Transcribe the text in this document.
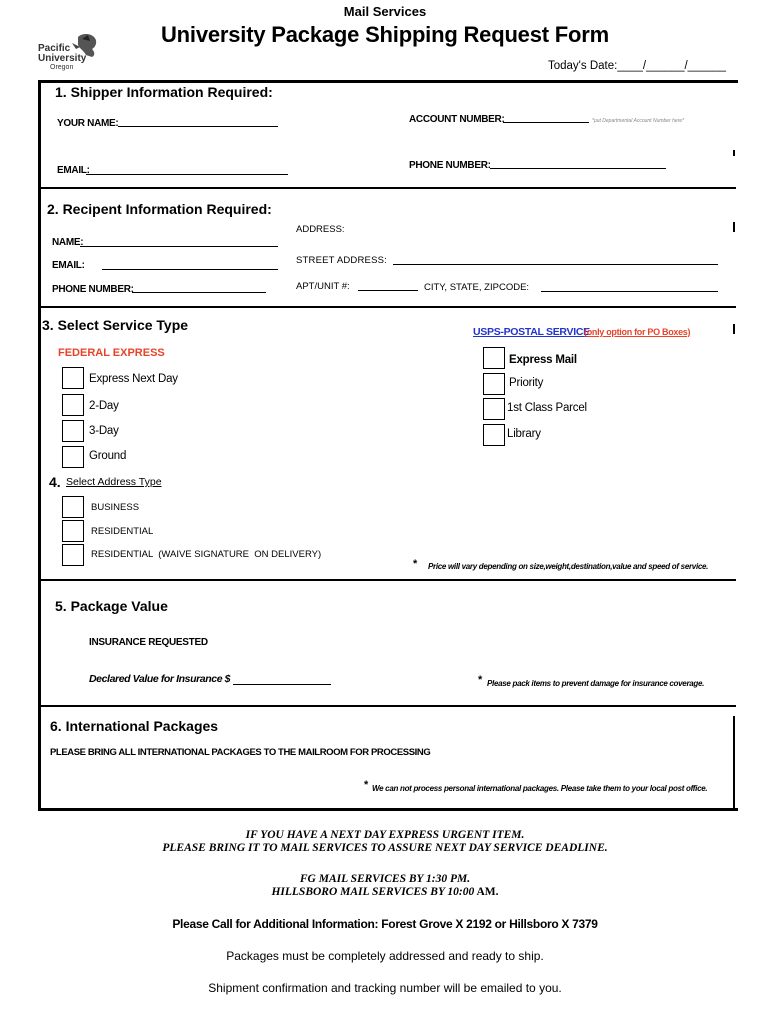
Mail Services
University Package Shipping Request Form
Pacific
University
Oregon	Today's Date:____/______/______
1. Shipper Information Required:
YOUR NAME:	ACCOUNT NUMBER:	*put Departmental Account Number here*
EMAIL:	PHONE NUMBER:
2. Recipent Information Required:
NAME:
EMAIL:
PHONE NUMBER:
ADDRESS:
STREET ADDRESS:
APT/UNIT #:	CITY, STATE, ZIPCODE:
3. Select Service Type
FEDERAL EXPRESS
Express Next Day
2-Day
3-Day
Ground
USPS-POSTAL SERVICE
(only option for PO Boxes)
Express Mail
Priority
1st Class Parcel
Library
4. Select Address Type
BUSINESS
RESIDENTIAL
RESIDENTIAL  (WAIVE SIGNATURE  ON DELIVERY)
* Price will vary depending on size,weight,destination,value and speed of service.
5. Package Value
INSURANCE REQUESTED
Declared Value for Insurance $	* Please pack items to prevent damage for insurance coverage.
6. International Packages
PLEASE BRING ALL INTERNATIONAL PACKAGES TO THE MAILROOM FOR PROCESSING
* We can not process personal international packages. Please take them to your local post office.
IF YOU HAVE A NEXT DAY EXPRESS URGENT ITEM.
PLEASE BRING IT TO MAIL SERVICES TO ASSURE NEXT DAY SERVICE DEADLINE.
FG MAIL SERVICES BY 1:30 PM.
HILLSBORO MAIL SERVICES BY 10:00 AM.
Please Call for Additional Information: Forest Grove X 2192 or Hillsboro X 7379
Packages must be completely addressed and ready to ship.
Shipment confirmation and tracking number will be emailed to you.
